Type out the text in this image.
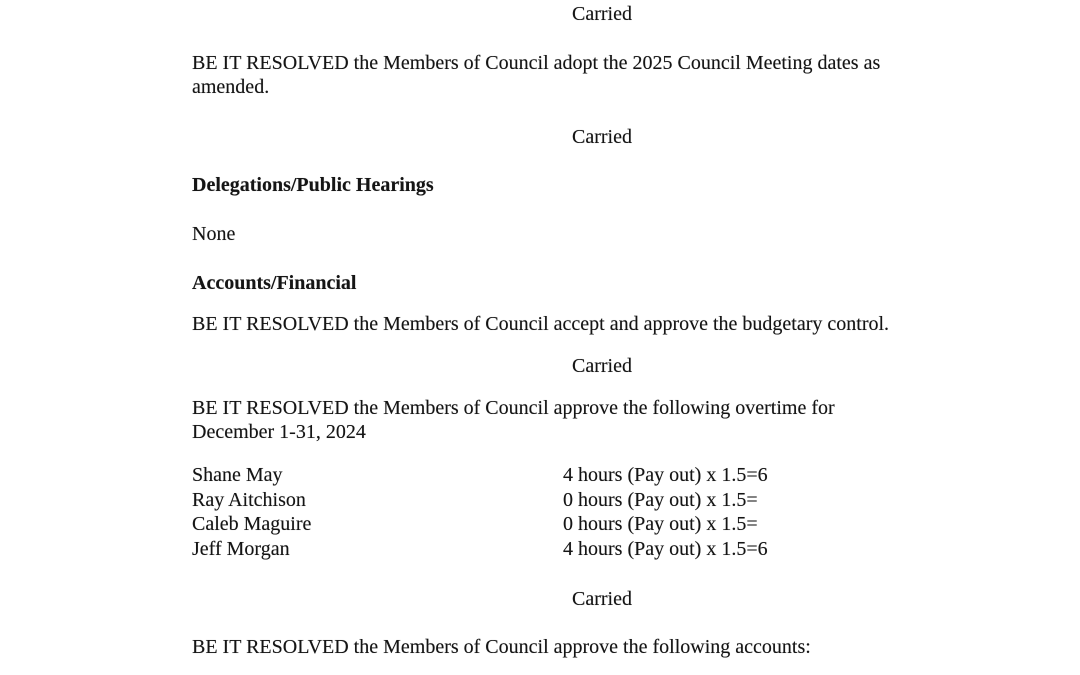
Carried
BE IT RESOLVED the Members of Council adopt the 2025 Council Meeting dates as
amended.
Carried
Delegations/Public Hearings
None
Accounts/Financial
BE IT RESOLVED the Members of Council accept and approve the budgetary control.
Carried
BE IT RESOLVED the Members of Council approve the following overtime for
December 1-31, 2024
Shane May	4 hours (Pay out) x 1.5=6
Ray Aitchison	0 hours (Pay out) x 1.5=
Caleb Maguire	0 hours (Pay out) x 1.5=
Jeff Morgan	4 hours (Pay out) x 1.5=6
Carried
BE IT RESOLVED the Members of Council approve the following accounts:
